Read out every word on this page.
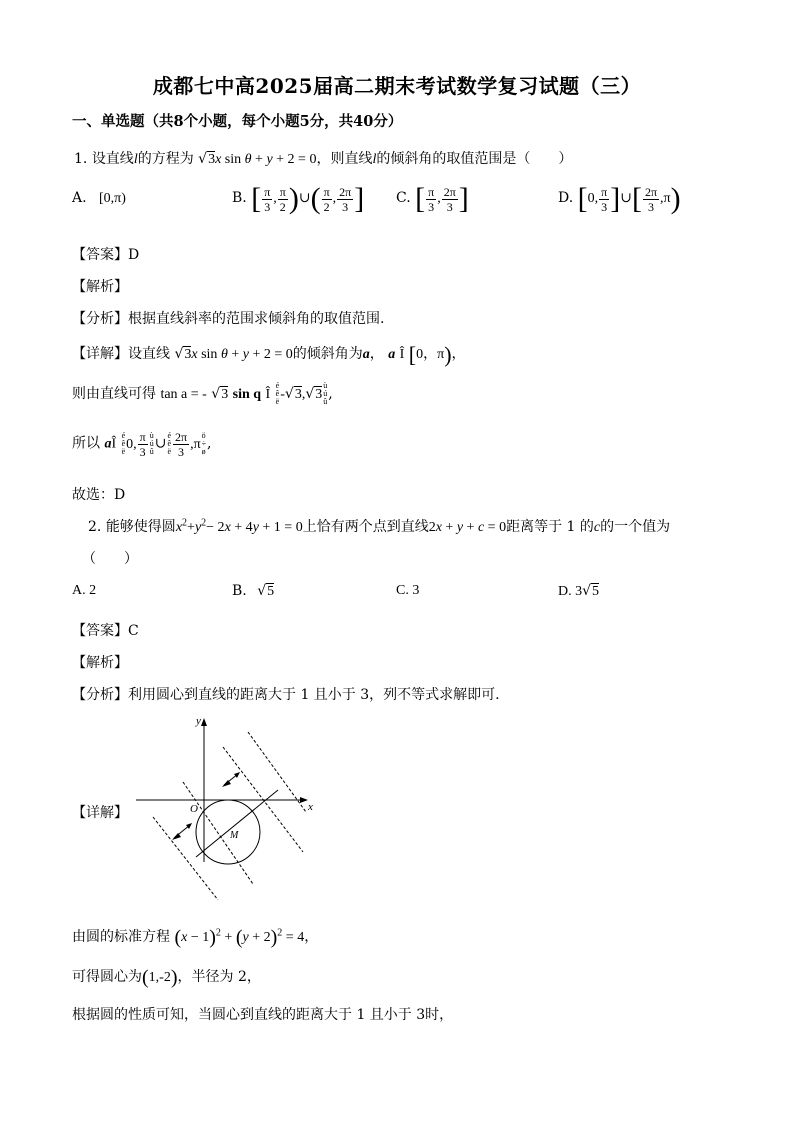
成都七中高2025届高二期末考试数学复习试题（三）
一、单选题（共8个小题，每个小题5分，共40分）
1. 设直线l的方程为 √3x sin θ + y + 2 = 0，则直线l的倾斜角的取值范围是（　　）
A. [0,π)	B. [ $\frac{\pi}{3}$ , $\frac{\pi}{2}$ )∪( $\frac{\pi}{2}$ , $\frac{2\pi}{3}$ ] C. [ $\frac{\pi}{3}$ , $\frac{2\pi}{3}$ ]	D. [0, $\frac{\pi}{3}$ ]∪[ $\frac{2\pi}{3} ,\pi$)
【答案】D
【解析】
【分析】根据直线斜率的范围求倾斜角的取值范围.
【详解】设直线 √3x sin θ + y + 2 = 0的倾斜角为a， a Î [0，π)，
则由直线可得 tan a = - √3 sin q Î
é
ê
ë -√3,√3
ù
ú
û ,
所以 aÎ
é
ê
ë 0, $\frac{\pi}{3}$ ù
ú
û ∪
é
ê
ë $\frac{2\pi}{3} ,\pi$
ö
÷
ø ,
故选：D
2. 能够使得圆$x^2+y^2- 2x + 4y + 1 = 0$上恰有两个点到直线2x + y + c = 0距离等于 1 的c的一个值为
（　　）
A. 2	B. √5	C. 3	D. 3√5
【答案】C
【解析】
【分析】利用圆心到直线的距离大于 1 且小于 3，列不等式求解即可.
【详解】	x
y
O
M
由圆的标准方程 $(x - 1)^2 + (y + 2)^2 = 4$，
可得圆心为(1,-2)，半径为 2，
根据圆的性质可知，当圆心到直线的距离大于 1 且小于 3时，
